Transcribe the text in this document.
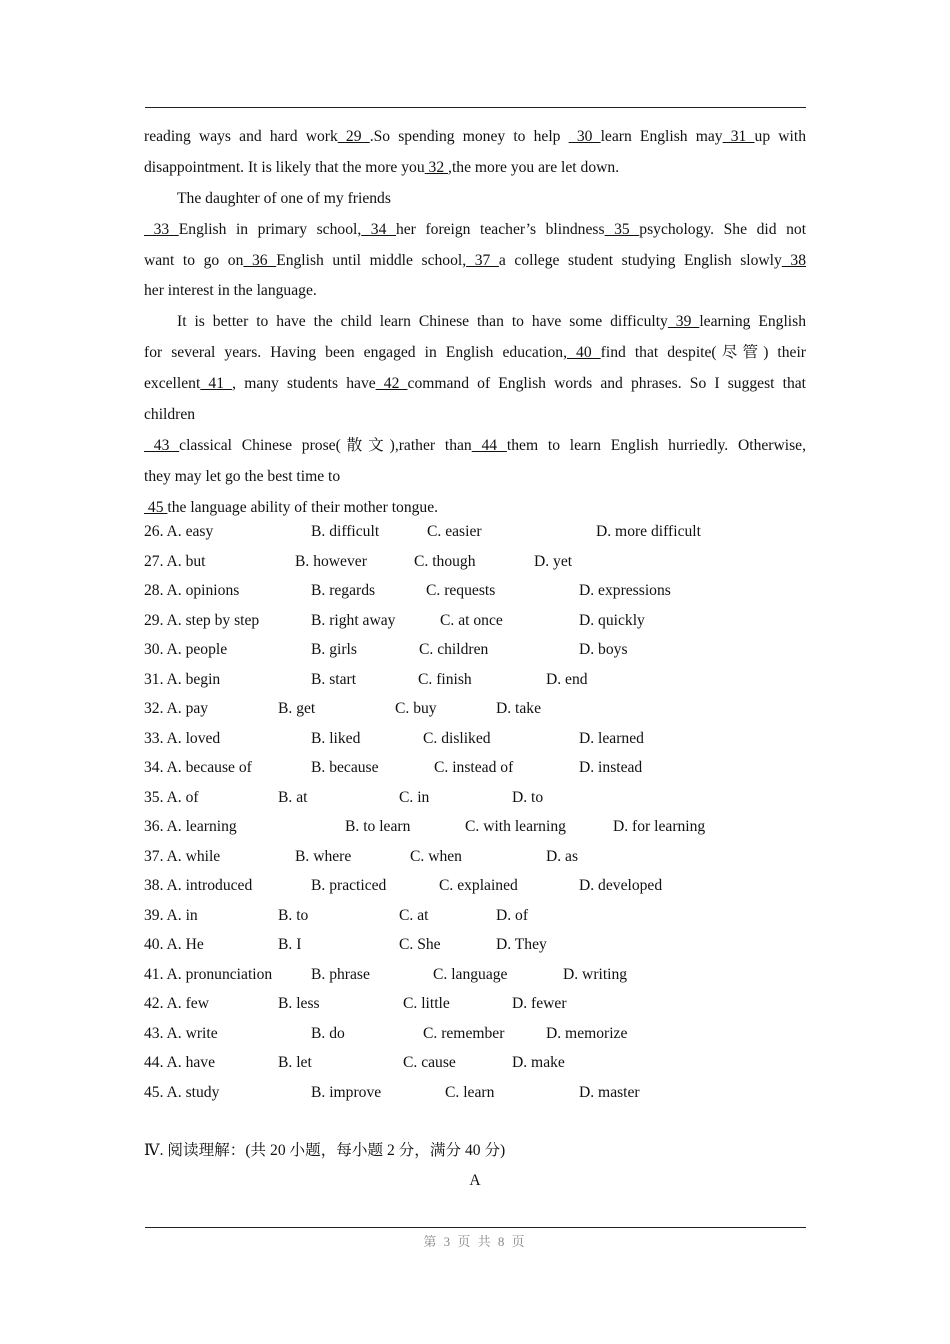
reading ways and hard work 29 .So spending money to help  30 learn English may 31 up with
disappointment. It is likely that the more you 32 ,the more you are let down.
The daughter of one of my friends
33 English in primary school, 34 her foreign teacher’s blindness 35 psychology. She did not
want to go on 36 English until middle school, 37 a college student studying English slowly 38
her interest in the language.
It is better to have the child learn Chinese than to have some difficulty 39 learning English
for several years. Having been engaged in English education, 40 find that despite(尽管) their
excellent 41 , many students have 42 command of English words and phrases. So I suggest that
children
43 classical Chinese prose(散文),rather than 44 them to learn English hurriedly. Otherwise,
they may let go the best time to
45 the language ability of their mother tongue.
26. A. easy	B. difficult	C. easier	D. more difficult
27. A. but	B. however	C. though	D. yet
28. A. opinions	B. regards	C. requests	D. expressions
29. A. step by step	B. right away	C. at once	D. quickly
30. A. people	B. girls	C. children	D. boys
31. A. begin	B. start	C. finish	D. end
32. A. pay	B. get	C. buy	D. take
33. A. loved	B. liked	C. disliked	D. learned
34. A. because of	B. because	C. instead of	D. instead
35. A. of	B. at	C. in	D. to
36. A. learning	B. to learn	C. with learning	D. for learning
37. A. while	B. where	C. when	D. as
38. A. introduced	B. practiced	C. explained	D. developed
39. A. in	B. to	C. at	D. of
40. A. He	B. I	C. She	D. They
41. A. pronunciation B. phrase	C. language	D. writing
42. A. few	B. less	C. little	D. fewer
43. A. write	B. do	C. remember	D. memorize
44. A. have	B. let	C. cause	D. make
45. A. study	B. improve	C. learn	D. master
Ⅳ. 阅读理解：(共 20 小题，每小题 2 分，满分 40 分)
A
第 3 页 共 8 页
